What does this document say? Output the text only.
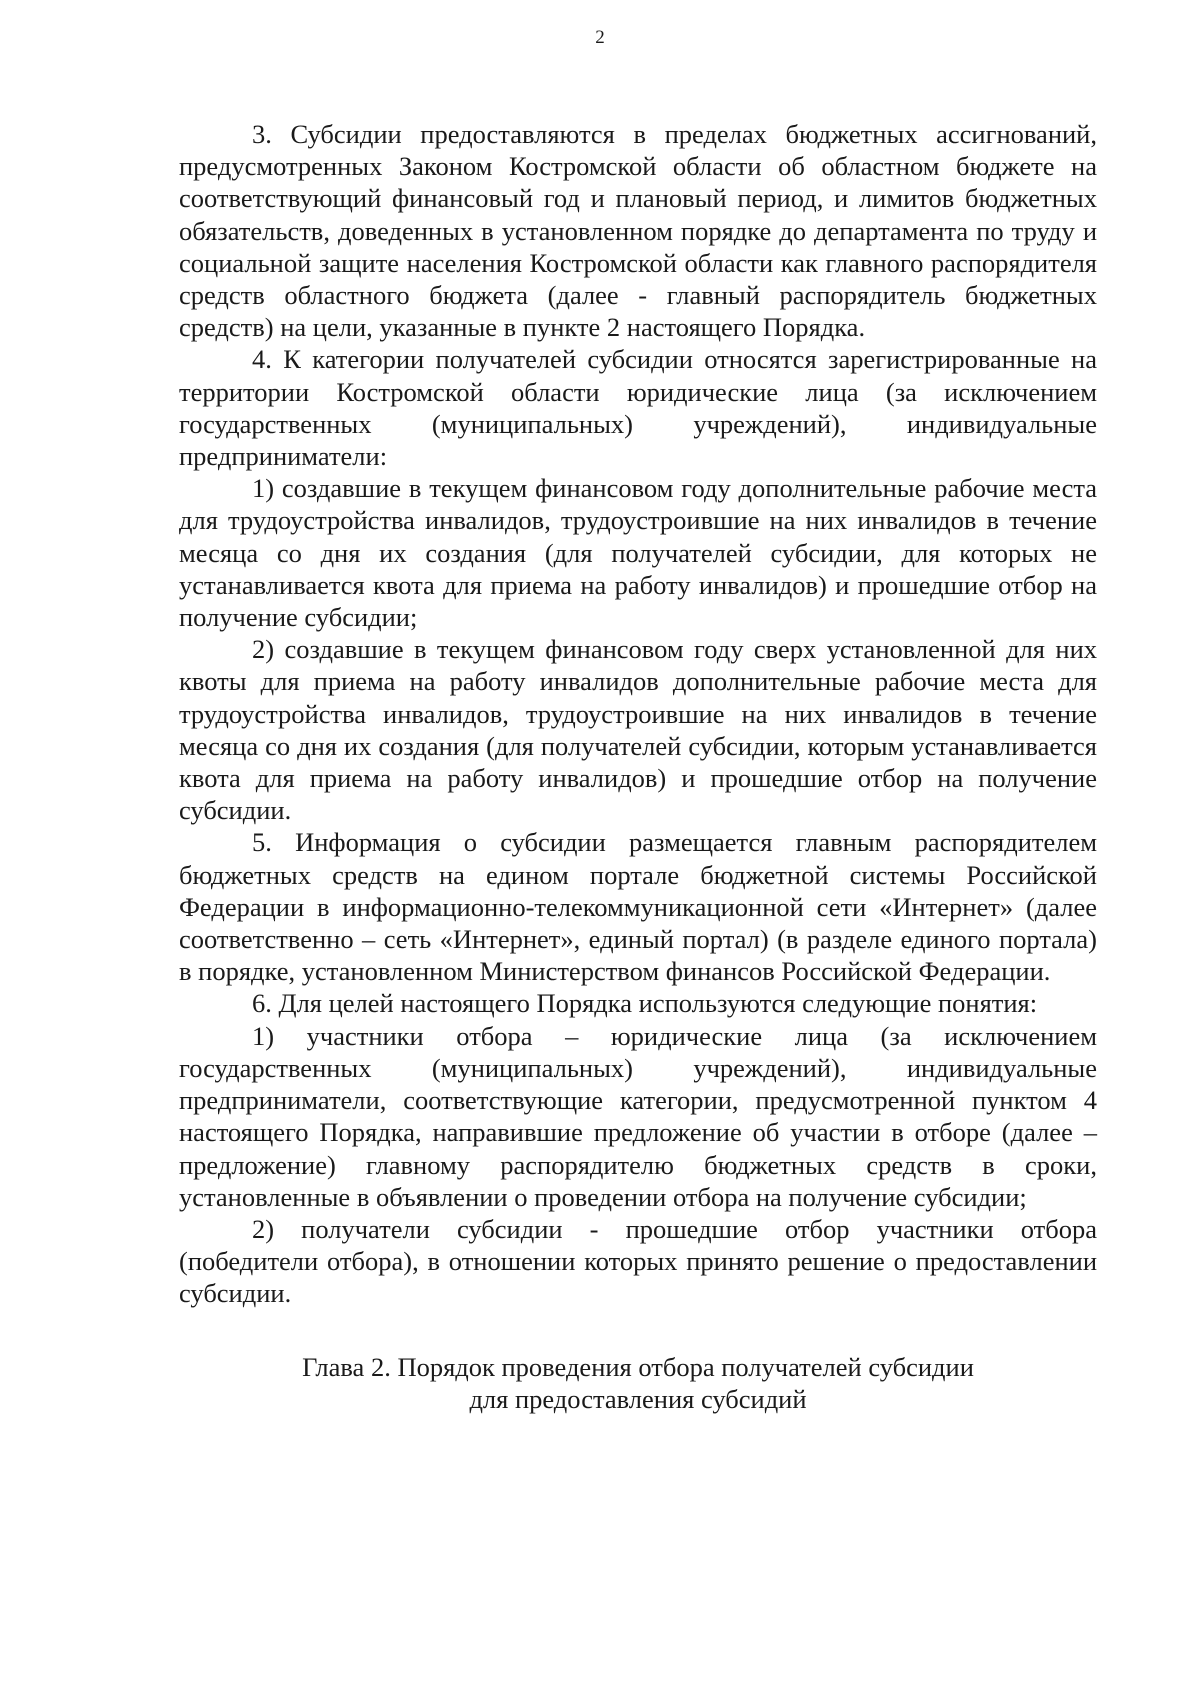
2

3. Субсидии предоставляются в пределах бюджетных ассигнований, предусмотренных Законом Костромской области об областном бюджете на соответствующий финансовый год и плановый период, и лимитов бюджетных обязательств, доведенных в установленном порядке до департамента по труду и социальной защите населения Костромской области как главного распорядителя средств областного бюджета (далее - главный распорядитель бюджетных средств) на цели, указанные в пункте 2 настоящего Порядка.

4. К категории получателей субсидии относятся зарегистрированные на территории Костромской области юридические лица (за исключением государственных (муниципальных) учреждений), индивидуальные предприниматели:

1) создавшие в текущем финансовом году дополнительные рабочие места для трудоустройства инвалидов, трудоустроившие на них инвалидов в течение месяца со дня их создания (для получателей субсидии, для которых не устанавливается квота для приема на работу инвалидов) и прошедшие отбор на получение субсидии;

2) создавшие в текущем финансовом году сверх установленной для них квоты для приема на работу инвалидов дополнительные рабочие места для трудоустройства инвалидов, трудоустроившие на них инвалидов в течение месяца со дня их создания (для получателей субсидии, которым устанавливается квота для приема на работу инвалидов) и прошедшие отбор на получение субсидии.

5. Информация о субсидии размещается главным распорядителем бюджетных средств на едином портале бюджетной системы Российской Федерации в информационно-телекоммуникационной сети «Интернет» (далее соответственно – сеть «Интернет», единый портал) (в разделе единого портала) в порядке, установленном Министерством финансов Российской Федерации.

6. Для целей настоящего Порядка используются следующие понятия:

1) участники отбора – юридические лица (за исключением государственных (муниципальных) учреждений), индивидуальные предприниматели, соответствующие категории, предусмотренной пунктом 4 настоящего Порядка, направившие предложение об участии в отборе (далее – предложение) главному распорядителю бюджетных средств в сроки, установленные в объявлении о проведении отбора на получение субсидии;

2) получатели субсидии - прошедшие отбор участники отбора (победители отбора), в отношении которых принято решение о предоставлении субсидии.

Глава 2. Порядок проведения отбора получателей субсидии
для предоставления субсидий
